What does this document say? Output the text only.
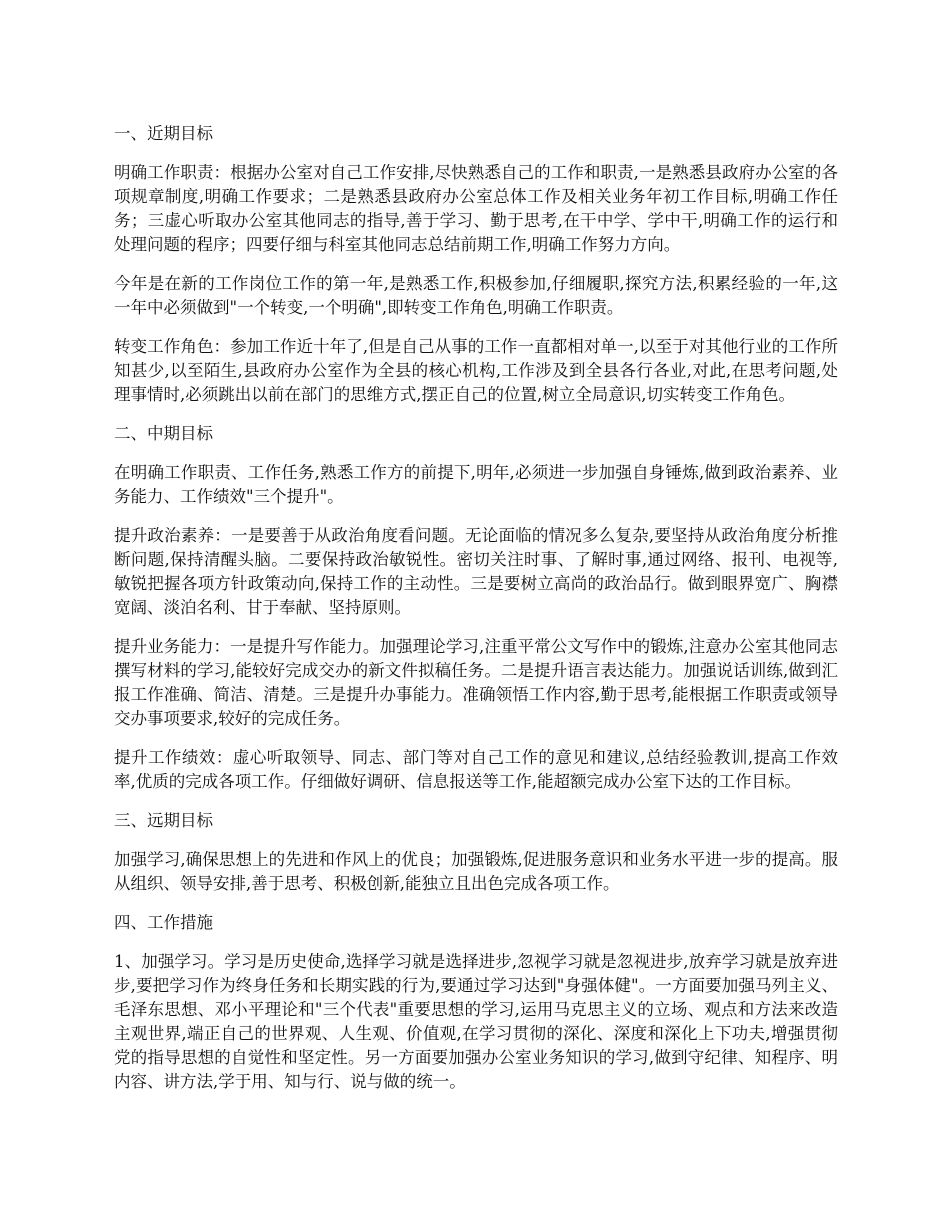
一、近期目标
明确工作职责：根据办公室对自己工作安排,尽快熟悉自己的工作和职责,一是熟悉县政府办公室的各项规章制度,明确工作要求；二是熟悉县政府办公室总体工作及相关业务年初工作目标,明确工作任务；三虚心听取办公室其他同志的指导,善于学习、勤于思考,在干中学、学中干,明确工作的运行和处理问题的程序；四要仔细与科室其他同志总结前期工作,明确工作努力方向。
今年是在新的工作岗位工作的第一年,是熟悉工作,积极参加,仔细履职,探究方法,积累经验的一年,这一年中必须做到"一个转变,一个明确",即转变工作角色,明确工作职责。
转变工作角色：参加工作近十年了,但是自己从事的工作一直都相对单一,以至于对其他行业的工作所知甚少,以至陌生,县政府办公室作为全县的核心机构,工作涉及到全县各行各业,对此,在思考问题,处理事情时,必须跳出以前在部门的思维方式,摆正自己的位置,树立全局意识,切实转变工作角色。
二、中期目标
在明确工作职责、工作任务,熟悉工作方的前提下,明年,必须进一步加强自身锤炼,做到政治素养、业务能力、工作绩效"三个提升"。
提升政治素养：一是要善于从政治角度看问题。无论面临的情况多么复杂,要坚持从政治角度分析推断问题,保持清醒头脑。二要保持政治敏锐性。密切关注时事、了解时事,通过网络、报刊、电视等,敏锐把握各项方针政策动向,保持工作的主动性。三是要树立高尚的政治品行。做到眼界宽广、胸襟宽阔、淡泊名利、甘于奉献、坚持原则。
提升业务能力：一是提升写作能力。加强理论学习,注重平常公文写作中的锻炼,注意办公室其他同志撰写材料的学习,能较好完成交办的新文件拟稿任务。二是提升语言表达能力。加强说话训练,做到汇报工作准确、简洁、清楚。三是提升办事能力。准确领悟工作内容,勤于思考,能根据工作职责或领导交办事项要求,较好的完成任务。
提升工作绩效：虚心听取领导、同志、部门等对自己工作的意见和建议,总结经验教训,提高工作效率,优质的完成各项工作。仔细做好调研、信息报送等工作,能超额完成办公室下达的工作目标。
三、远期目标
加强学习,确保思想上的先进和作风上的优良；加强锻炼,促进服务意识和业务水平进一步的提高。服从组织、领导安排,善于思考、积极创新,能独立且出色完成各项工作。
四、工作措施
1、加强学习。学习是历史使命,选择学习就是选择进步,忽视学习就是忽视进步,放弃学习就是放弃进步,要把学习作为终身任务和长期实践的行为,要通过学习达到"身强体健"。一方面要加强马列主义、毛泽东思想、邓小平理论和"三个代表"重要思想的学习,运用马克思主义的立场、观点和方法来改造主观世界,端正自己的世界观、人生观、价值观,在学习贯彻的深化、深度和深化上下功夫,增强贯彻党的指导思想的自觉性和坚定性。另一方面要加强办公室业务知识的学习,做到守纪律、知程序、明内容、讲方法,学于用、知与行、说与做的统一。
